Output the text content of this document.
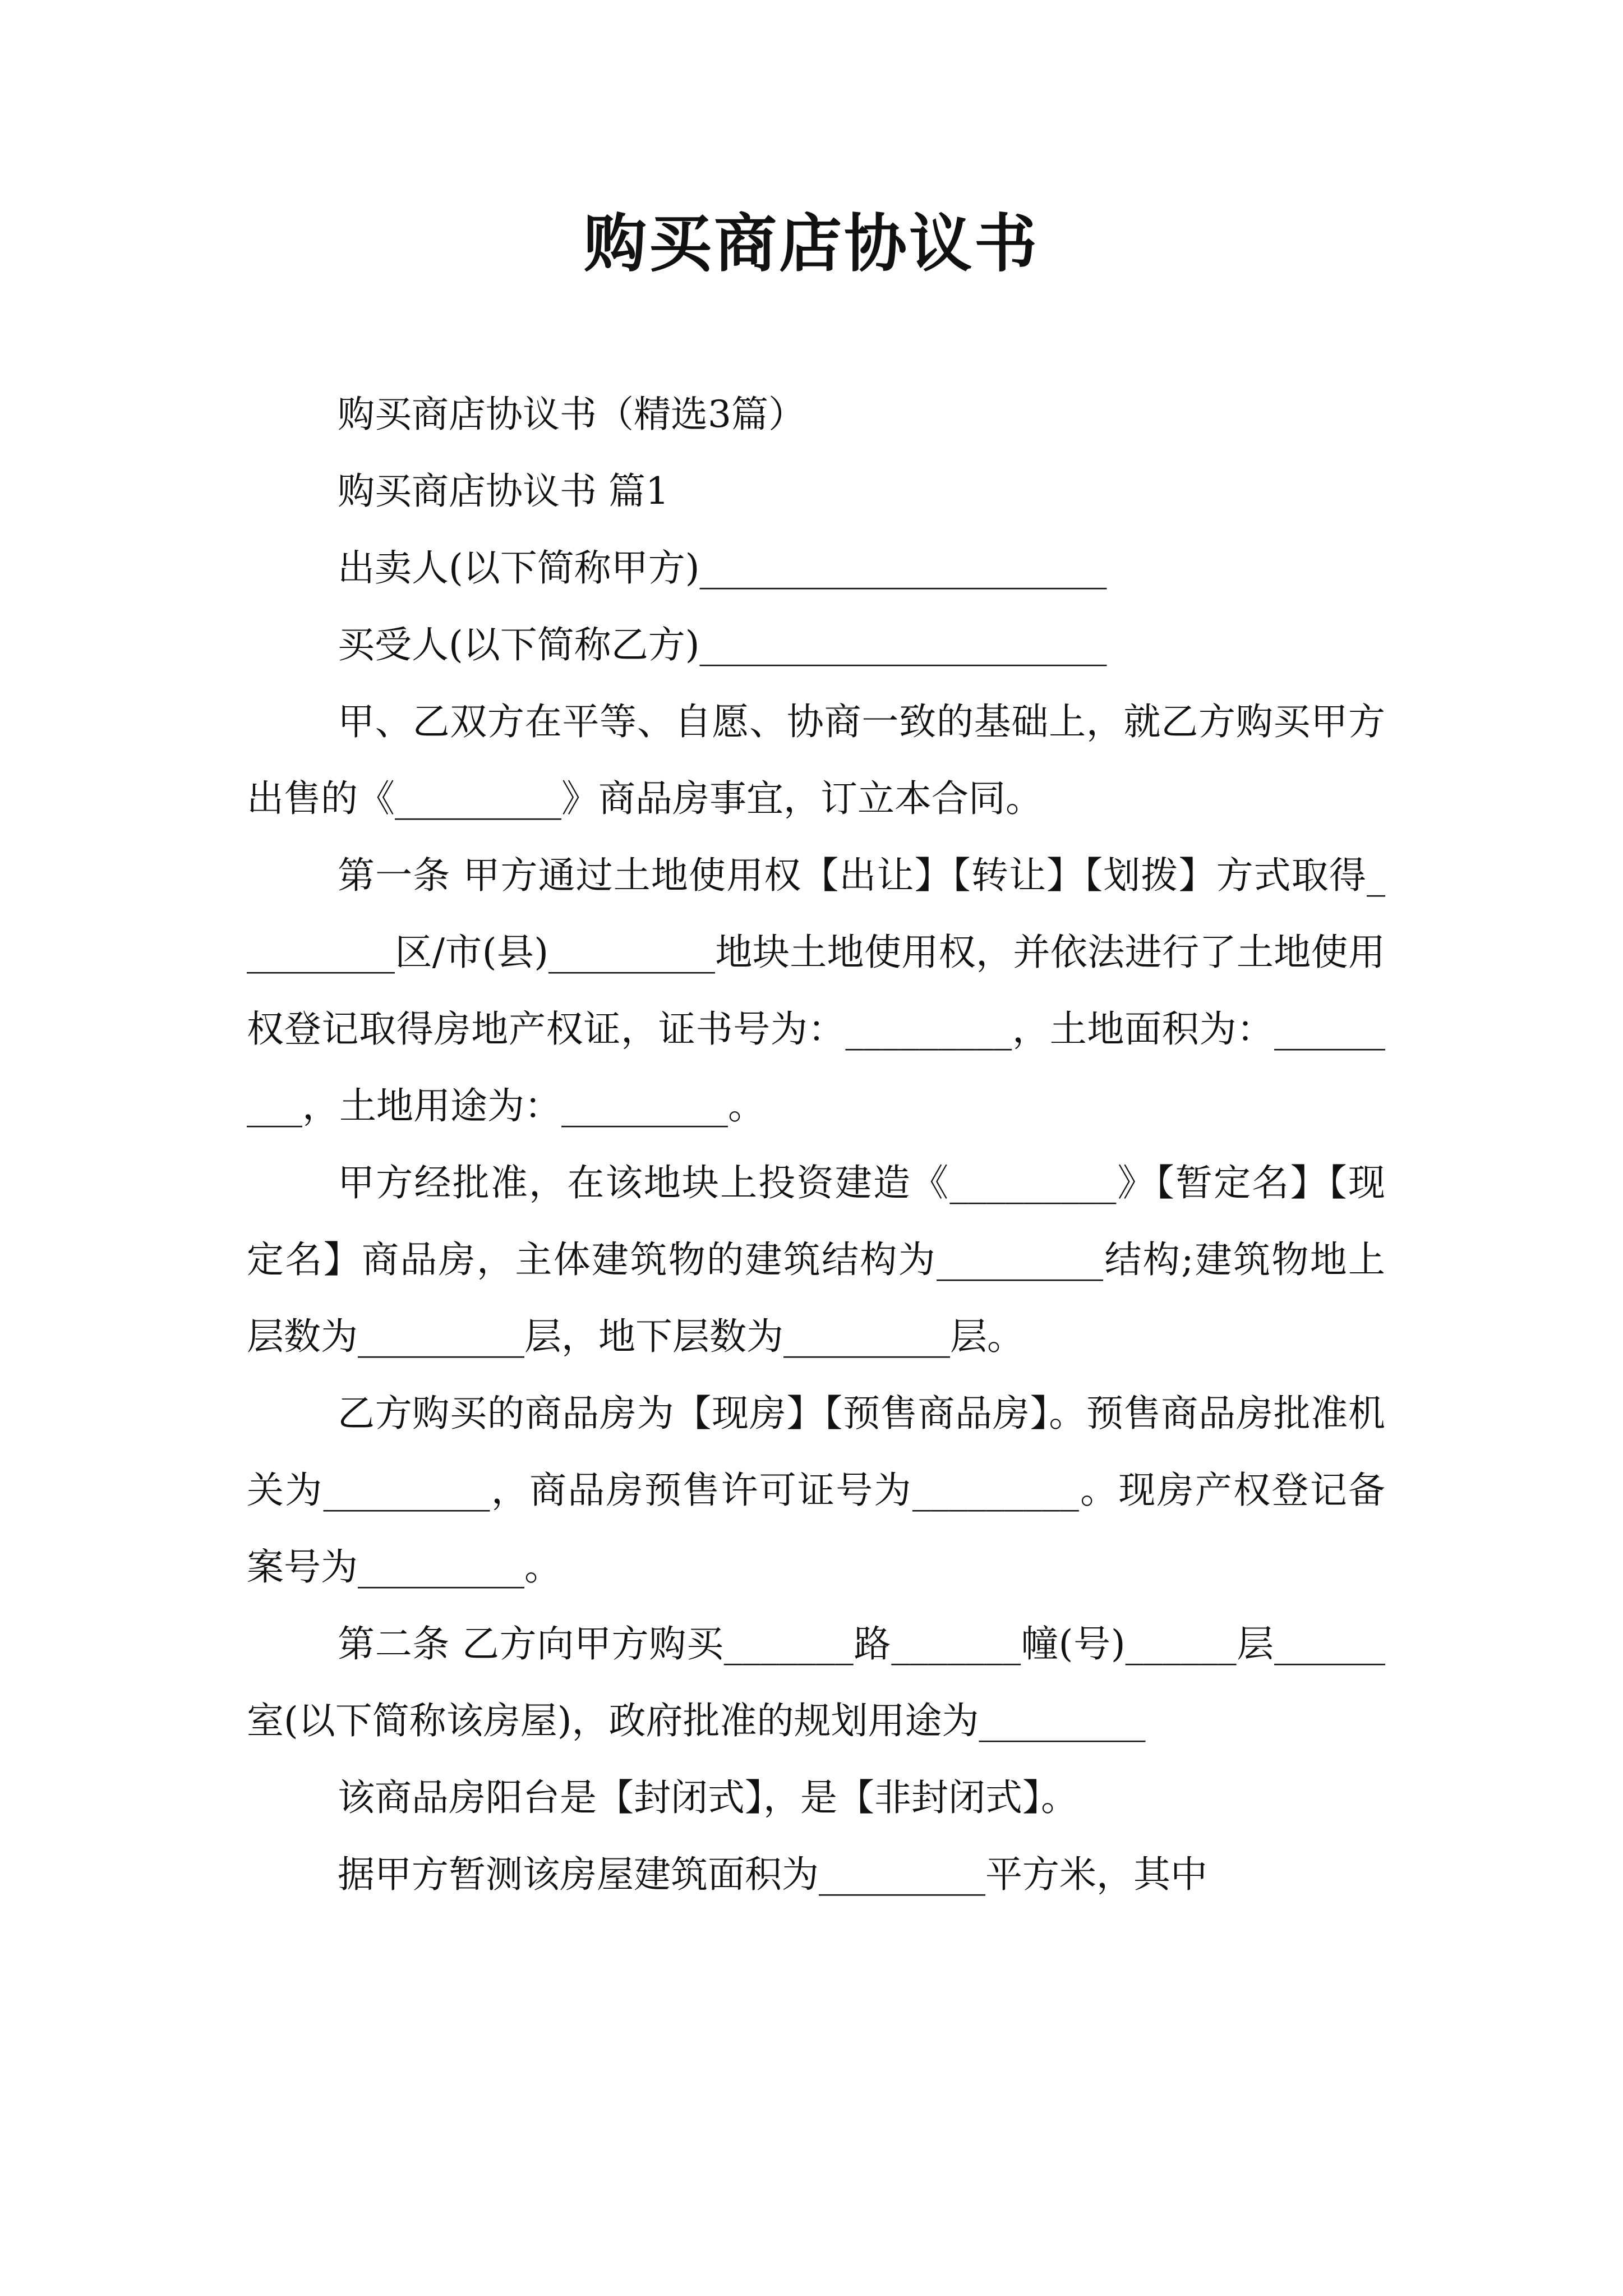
购买商店协议书

购买商店协议书（精选3篇）

购买商店协议书 篇1

出卖人(以下简称甲方)______________________

买受人(以下简称乙方)______________________

甲、乙双方在平等、自愿、协商一致的基础上，就乙方购买甲方出售的《_________》商品房事宜，订立本合同。

第一条 甲方通过土地使用权【出让】【转让】【划拨】方式取得_________区/市(县)_________地块土地使用权，并依法进行了土地使用权登记取得房地产权证，证书号为：_________，土地面积为：_________，土地用途为：_________。

甲方经批准，在该地块上投资建造《_________》【暂定名】【现定名】商品房，主体建筑物的建筑结构为_________结构;建筑物地上层数为_________层，地下层数为_________层。

乙方购买的商品房为【现房】【预售商品房】。预售商品房批准机关为_________，商品房预售许可证号为_________。现房产权登记备案号为_________。

第二条 乙方向甲方购买_______路_______幢(号)______层______室(以下简称该房屋)，政府批准的规划用途为_________

该商品房阳台是【封闭式】，是【非封闭式】。

据甲方暂测该房屋建筑面积为_________平方米，其中
